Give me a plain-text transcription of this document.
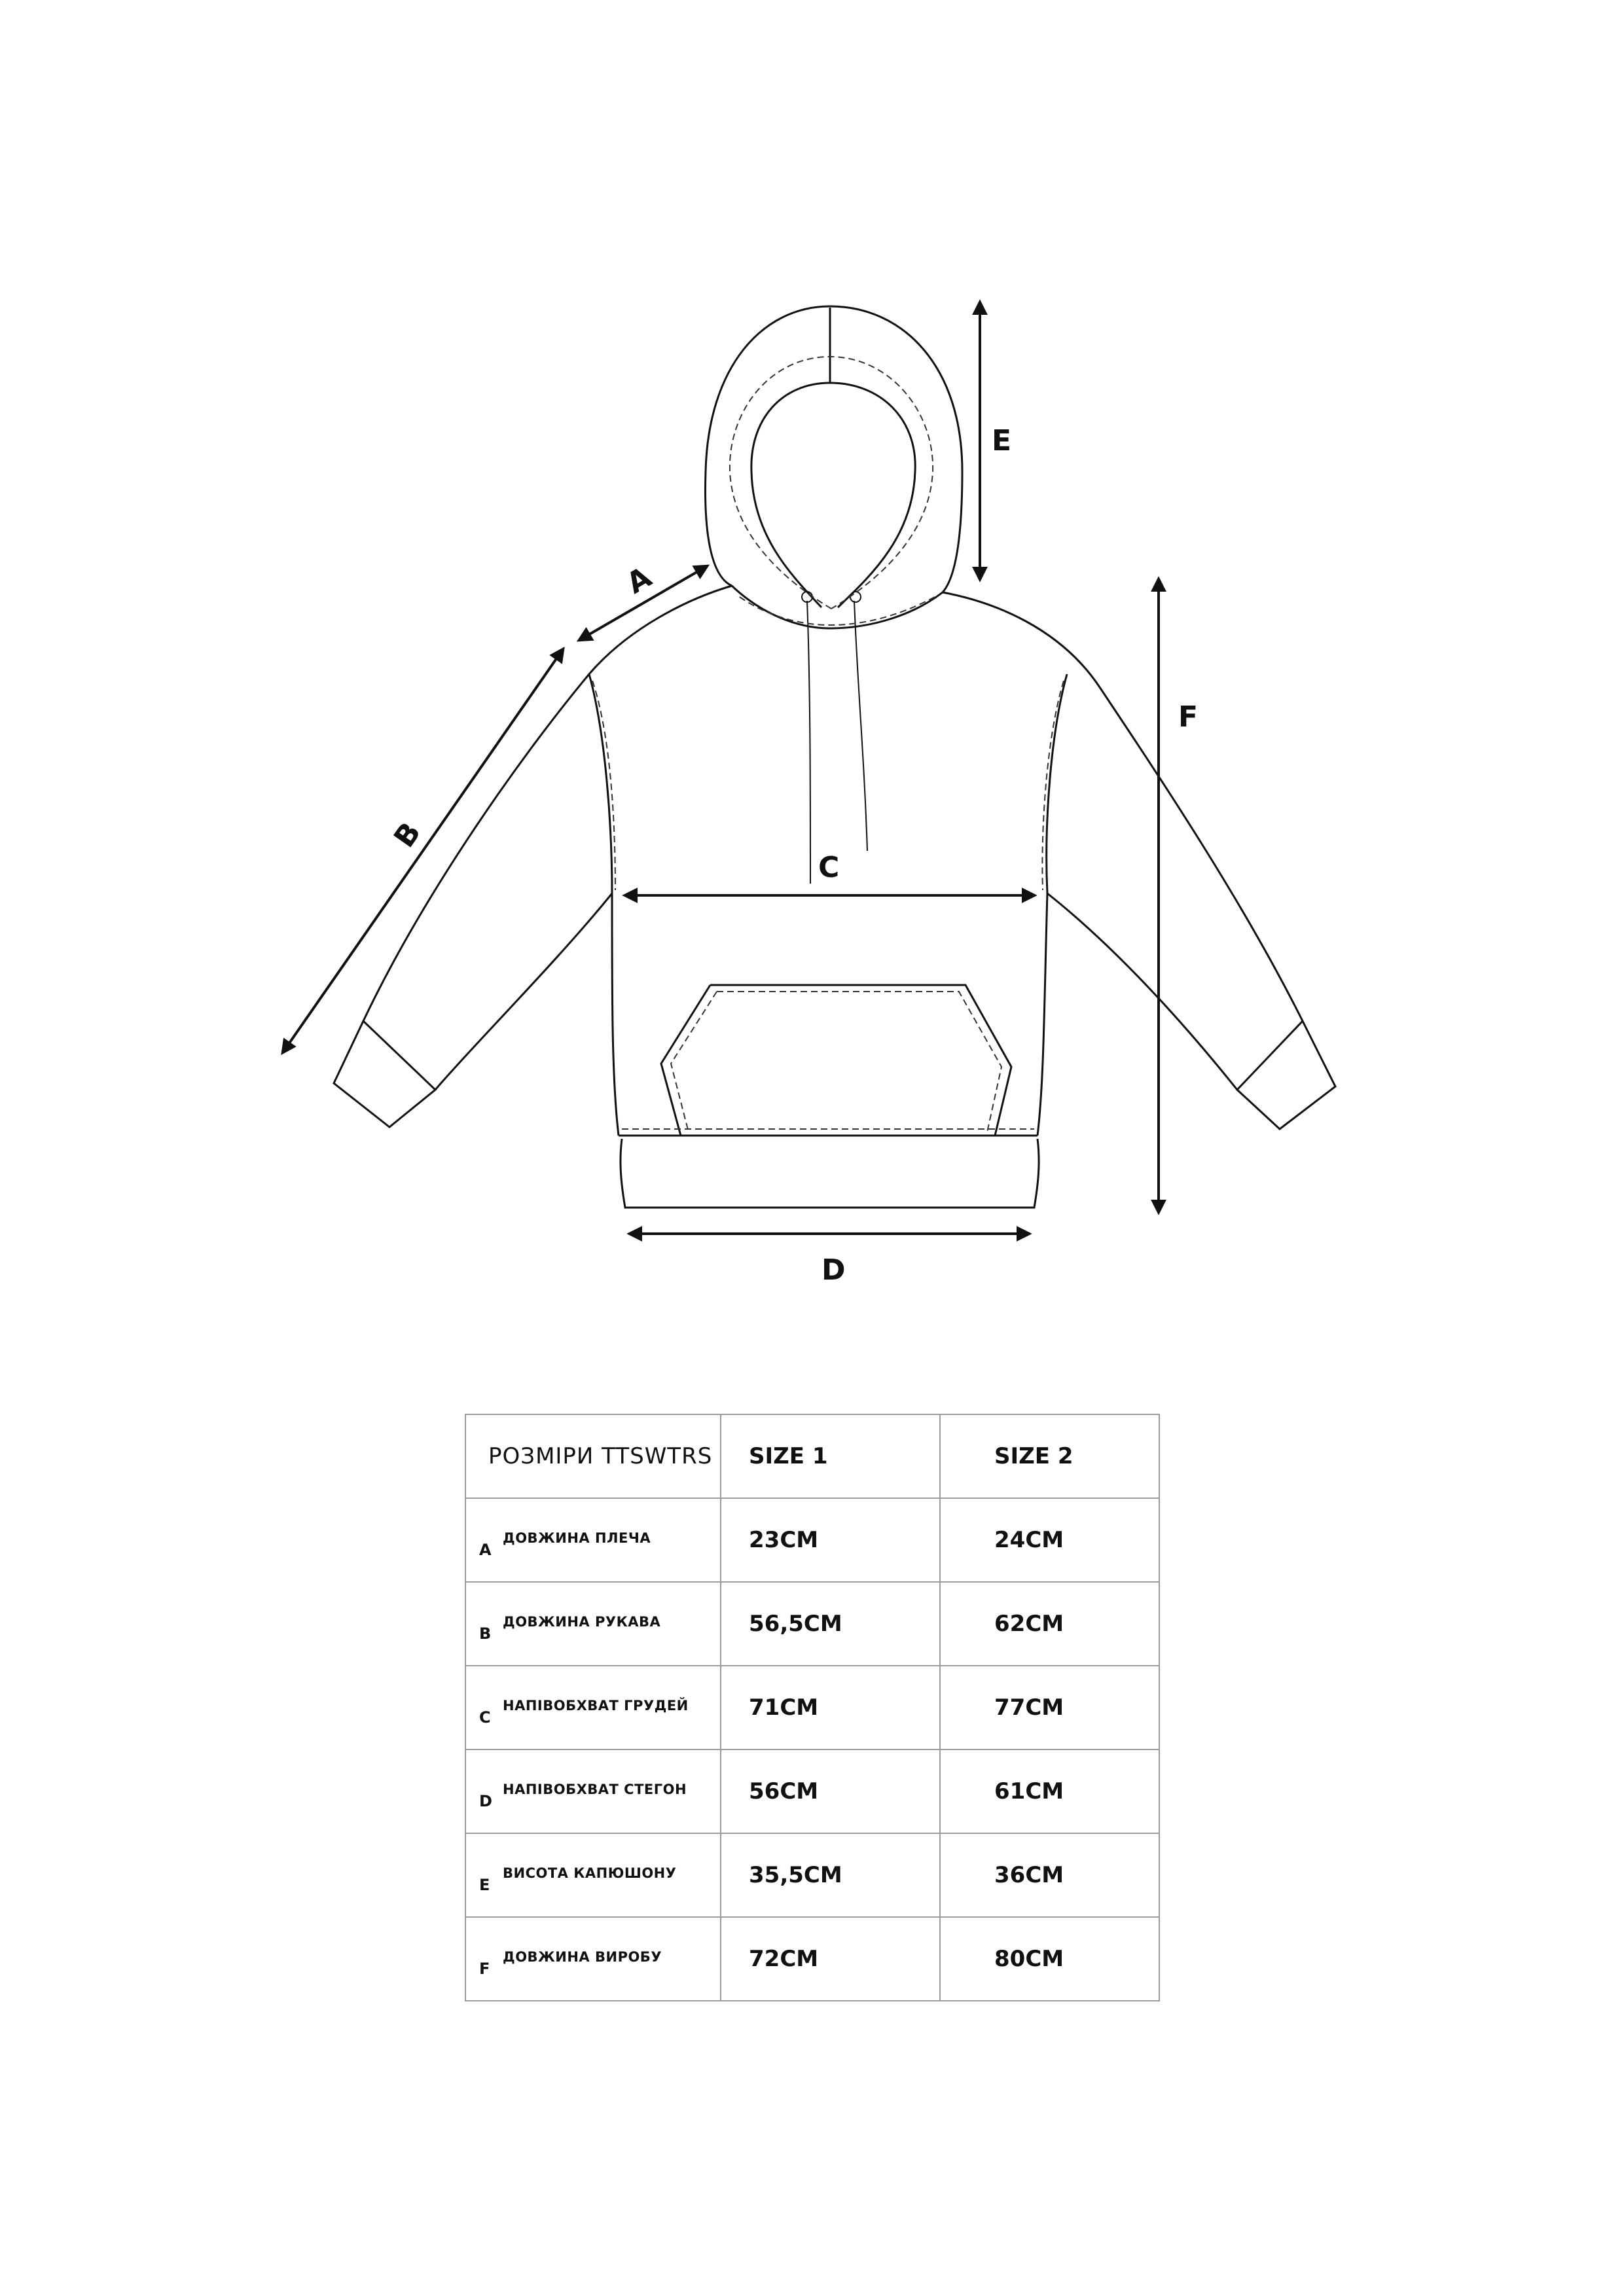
A
B
C
D
E
F
РОЗМІРИ TTSWTRS	SIZE 1	SIZE 2

A
ДОВЖИНА ПЛЕЧА	23CM	24CM

B
ДОВЖИНА РУКАВА	56,5CM	62CM

C
НАПІВОБХВАТ ГРУДЕЙ	71CM	77CM

D
НАПІВОБХВАТ СТЕГОН	56CM	61CM

E
ВИСОТА КАПЮШОНУ	35,5CM	36CM

F
ДОВЖИНА ВИРОБУ	72CM	80CM
